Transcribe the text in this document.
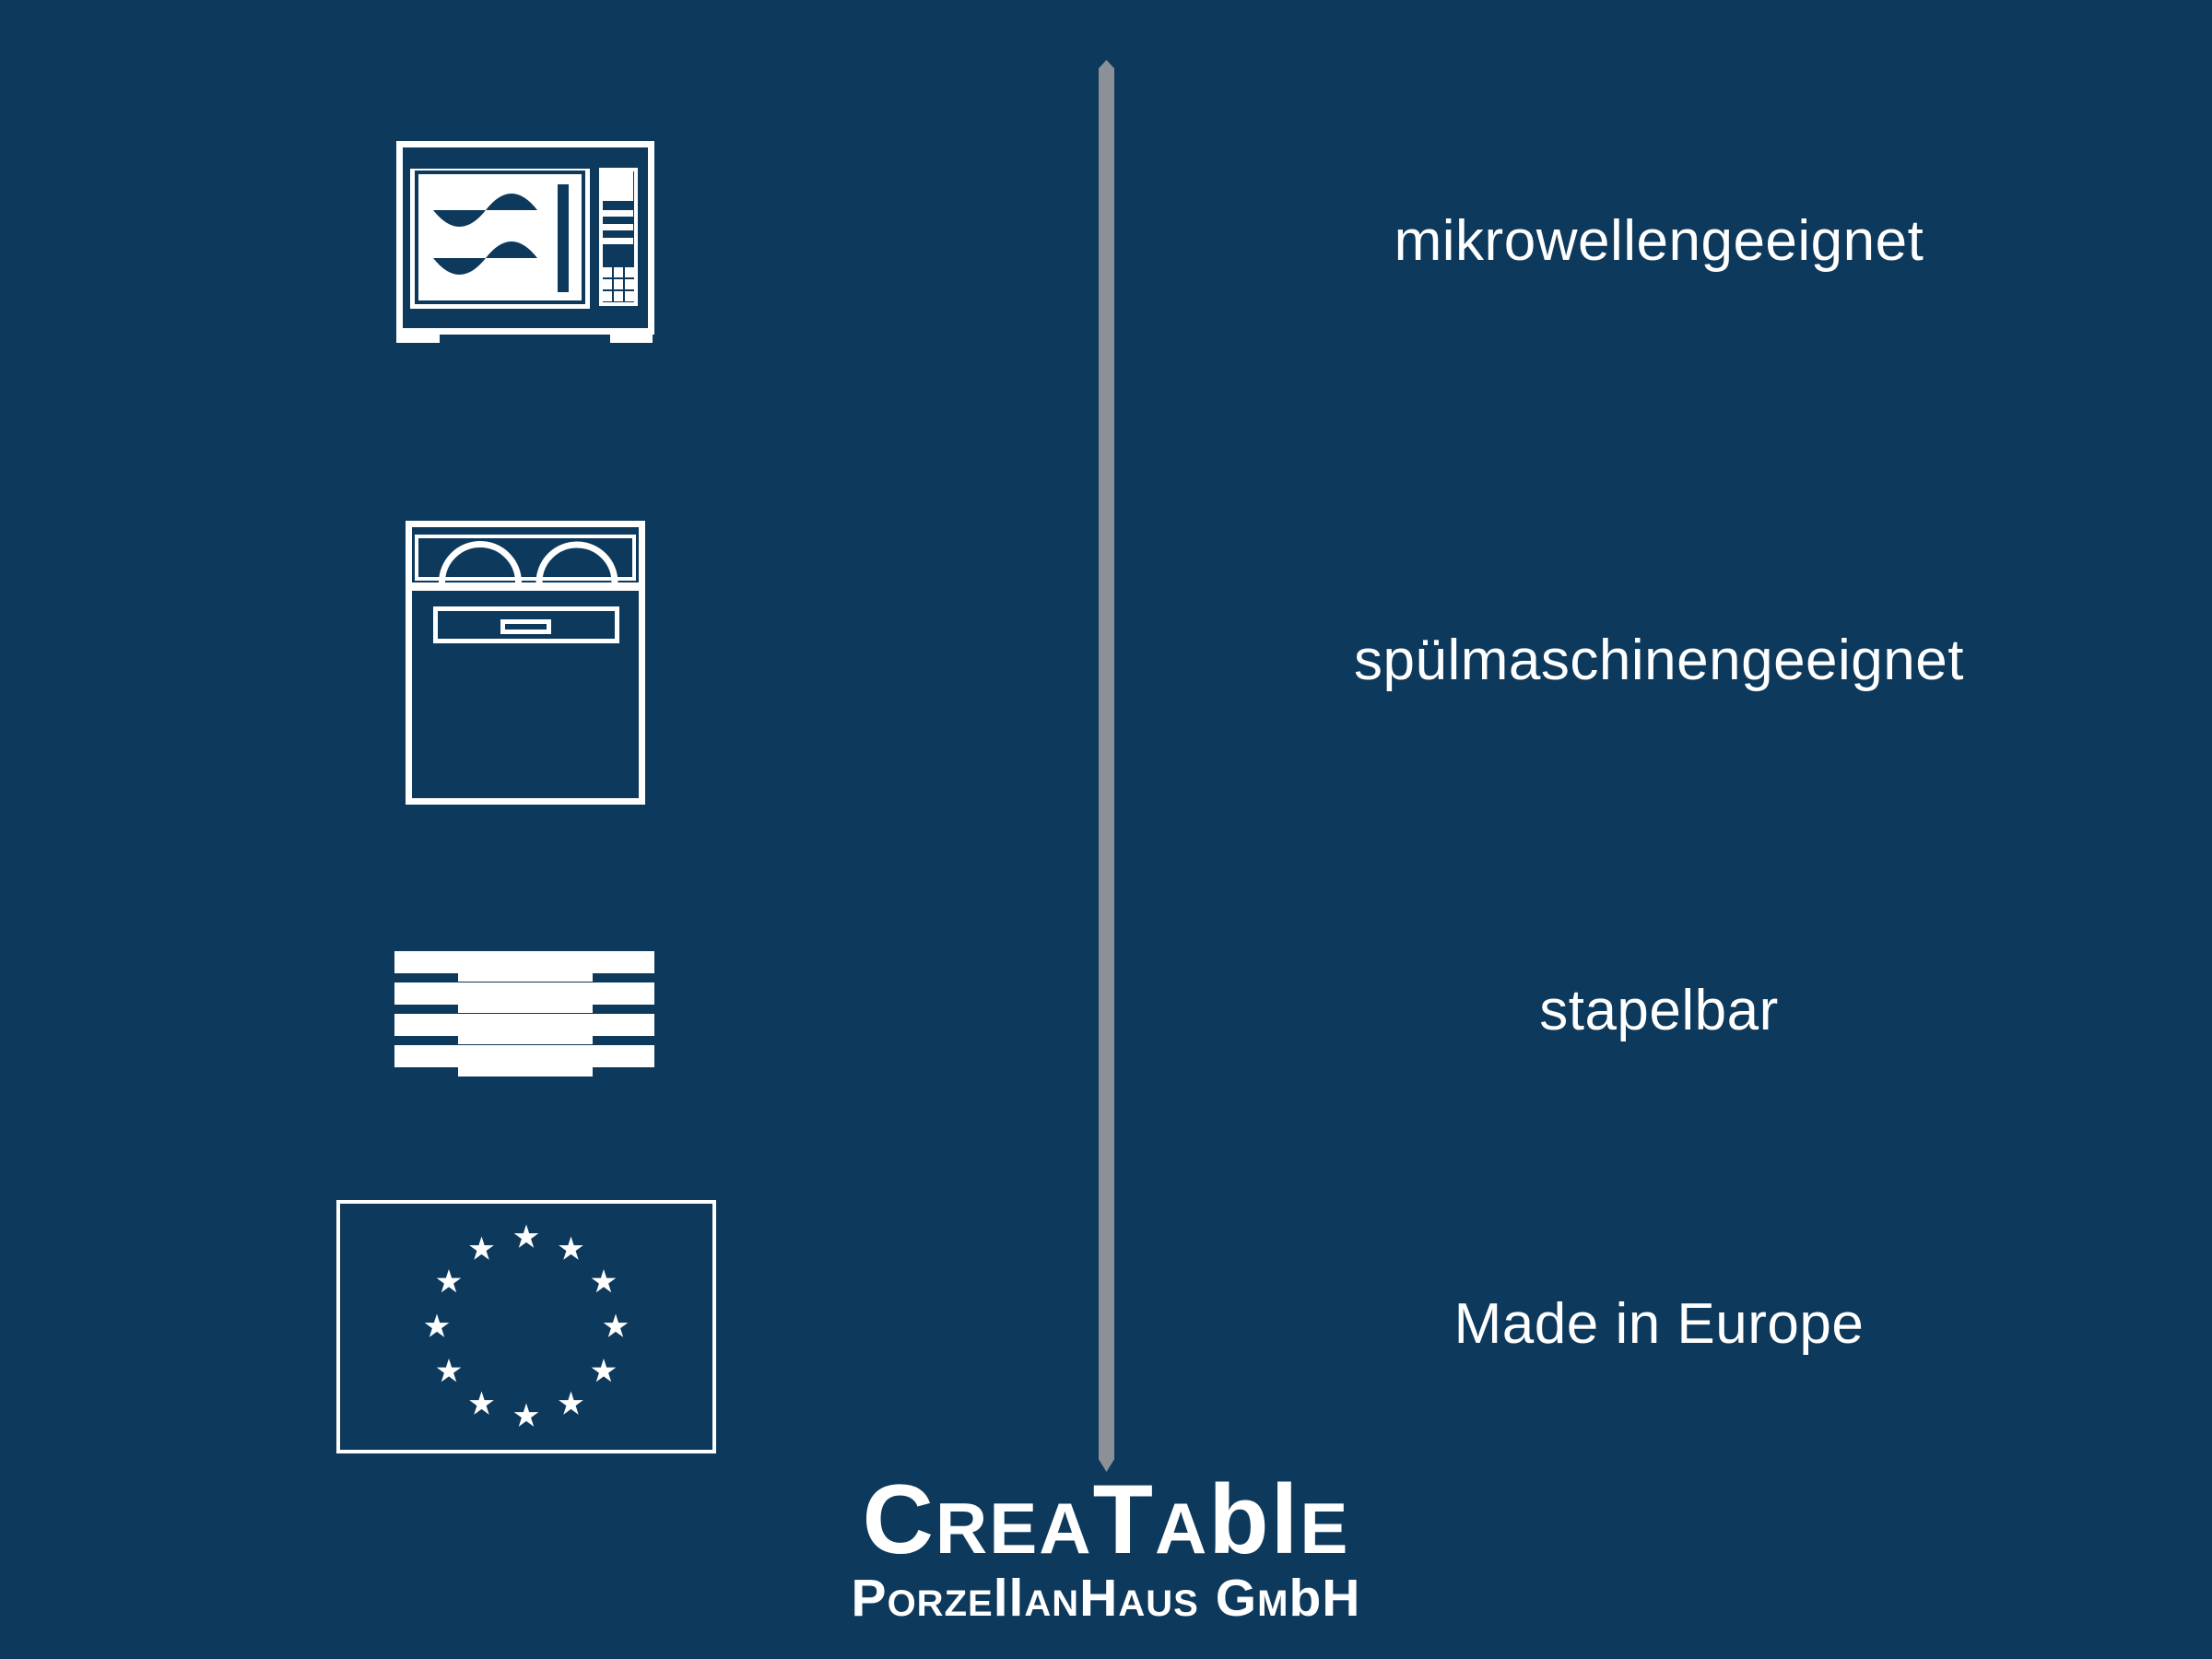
mikrowellengeeignet
spülmaschinengeeignet
stapelbar
Made in Europe
CREATAblE
PORZEllANHAUS GMbH
